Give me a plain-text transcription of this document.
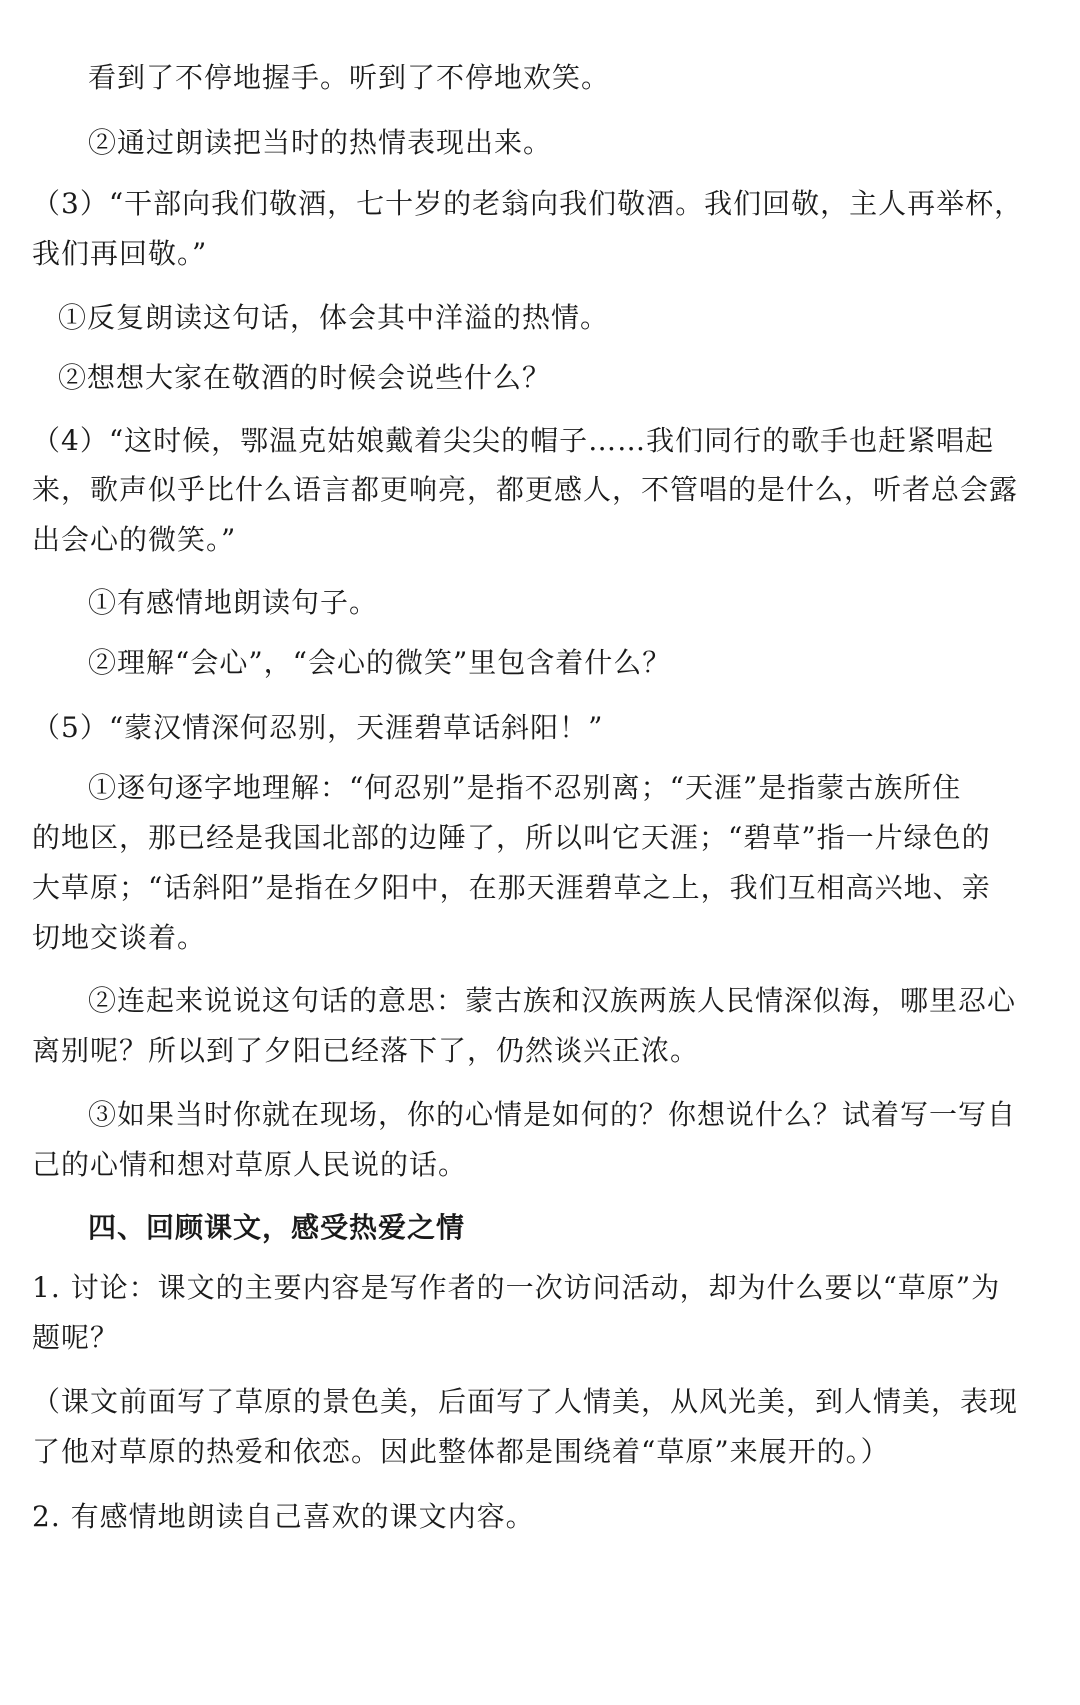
看到了不停地握手。听到了不停地欢笑。
②通过朗读把当时的热情表现出来。
（3）“干部向我们敬酒，七十岁的老翁向我们敬酒。我们回敬，主人再举杯，
我们再回敬。”
①反复朗读这句话，体会其中洋溢的热情。
②想想大家在敬酒的时候会说些什么？
（4）“这时候，鄂温克姑娘戴着尖尖的帽子……我们同行的歌手也赶紧唱起
来，歌声似乎比什么语言都更响亮，都更感人，不管唱的是什么，听者总会露
出会心的微笑。”
①有感情地朗读句子。
②理解“会心”，“会心的微笑”里包含着什么？
（5）“蒙汉情深何忍别，天涯碧草话斜阳！”
①逐句逐字地理解：“何忍别”是指不忍别离；“天涯”是指蒙古族所住
的地区，那已经是我国北部的边陲了，所以叫它天涯；“碧草”指一片绿色的
大草原；“话斜阳”是指在夕阳中，在那天涯碧草之上，我们互相高兴地、亲
切地交谈着。
②连起来说说这句话的意思：蒙古族和汉族两族人民情深似海，哪里忍心
离别呢？所以到了夕阳已经落下了，仍然谈兴正浓。
③如果当时你就在现场，你的心情是如何的？你想说什么？试着写一写自
己的心情和想对草原人民说的话。
四、回顾课文，感受热爱之情
1. 讨论：课文的主要内容是写作者的一次访问活动，却为什么要以“草原”为
题呢？
（课文前面写了草原的景色美，后面写了人情美，从风光美，到人情美，表现
了他对草原的热爱和依恋。因此整体都是围绕着“草原”来展开的。）
2. 有感情地朗读自己喜欢的课文内容。
